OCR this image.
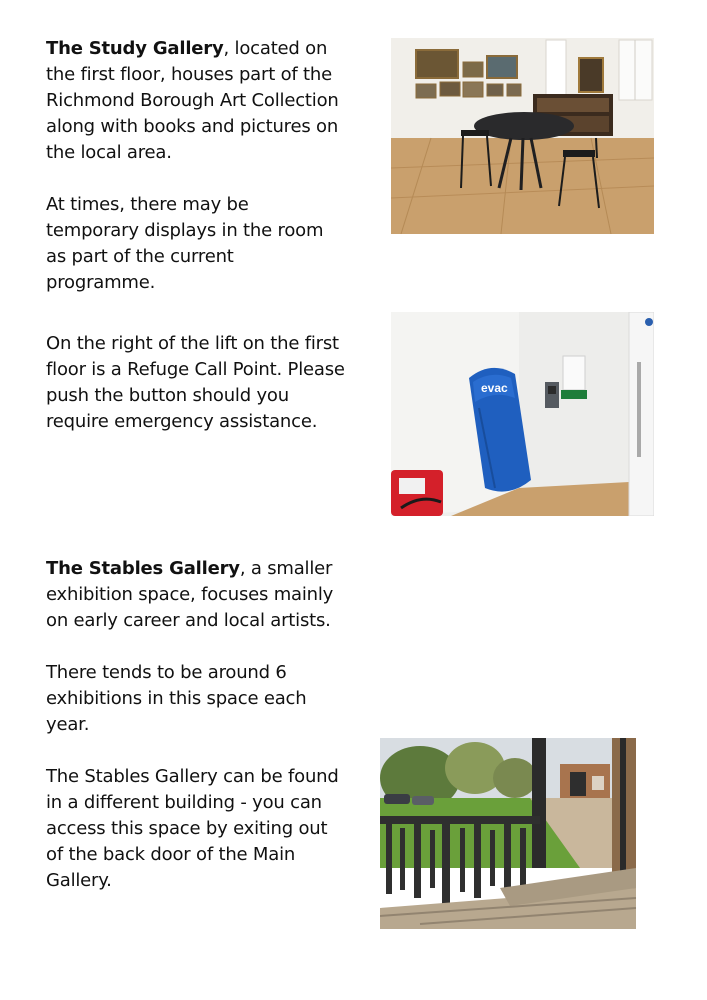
The Study Gallery, located on the first floor, houses part of the Richmond Borough Art Collection along with books and pictures on the local area.

At times, there may be temporary displays in the room as part of the current programme.

On the right of the lift on the first floor is a Refuge Call Point. Please push the button should you require emergency assistance.

evac

The Stables Gallery, a smaller exhibition space, focuses mainly on early career and local artists.

There tends to be around 6 exhibitions in this space each year.

The Stables Gallery can be found in a different building - you can access this space by exiting out of the back door of the Main Gallery.
